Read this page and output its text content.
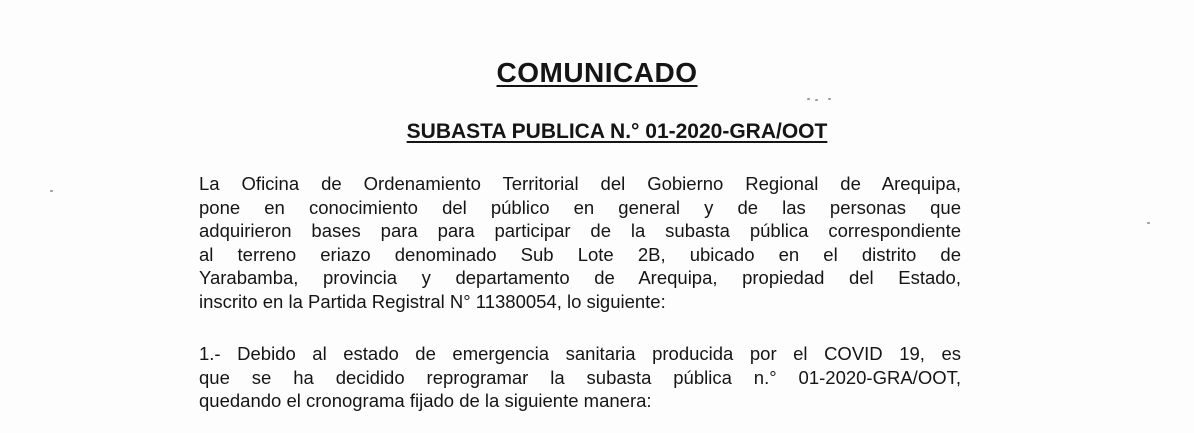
COMUNICADO
SUBASTA PUBLICA N.° 01-2020-GRA/OOT
La Oficina de Ordenamiento Territorial del Gobierno Regional de Arequipa,
pone en conocimiento del público en general y de las personas que
adquirieron bases para para participar de la subasta pública correspondiente
al terreno eriazo denominado Sub Lote 2B, ubicado en el distrito de
Yarabamba, provincia y departamento de Arequipa, propiedad del Estado,
inscrito en la Partida Registral N° 11380054, lo siguiente:
1.- Debido al estado de emergencia sanitaria producida por el COVID 19, es
que se ha decidido reprogramar la subasta pública n.° 01-2020-GRA/OOT,
quedando el cronograma fijado de la siguiente manera:
